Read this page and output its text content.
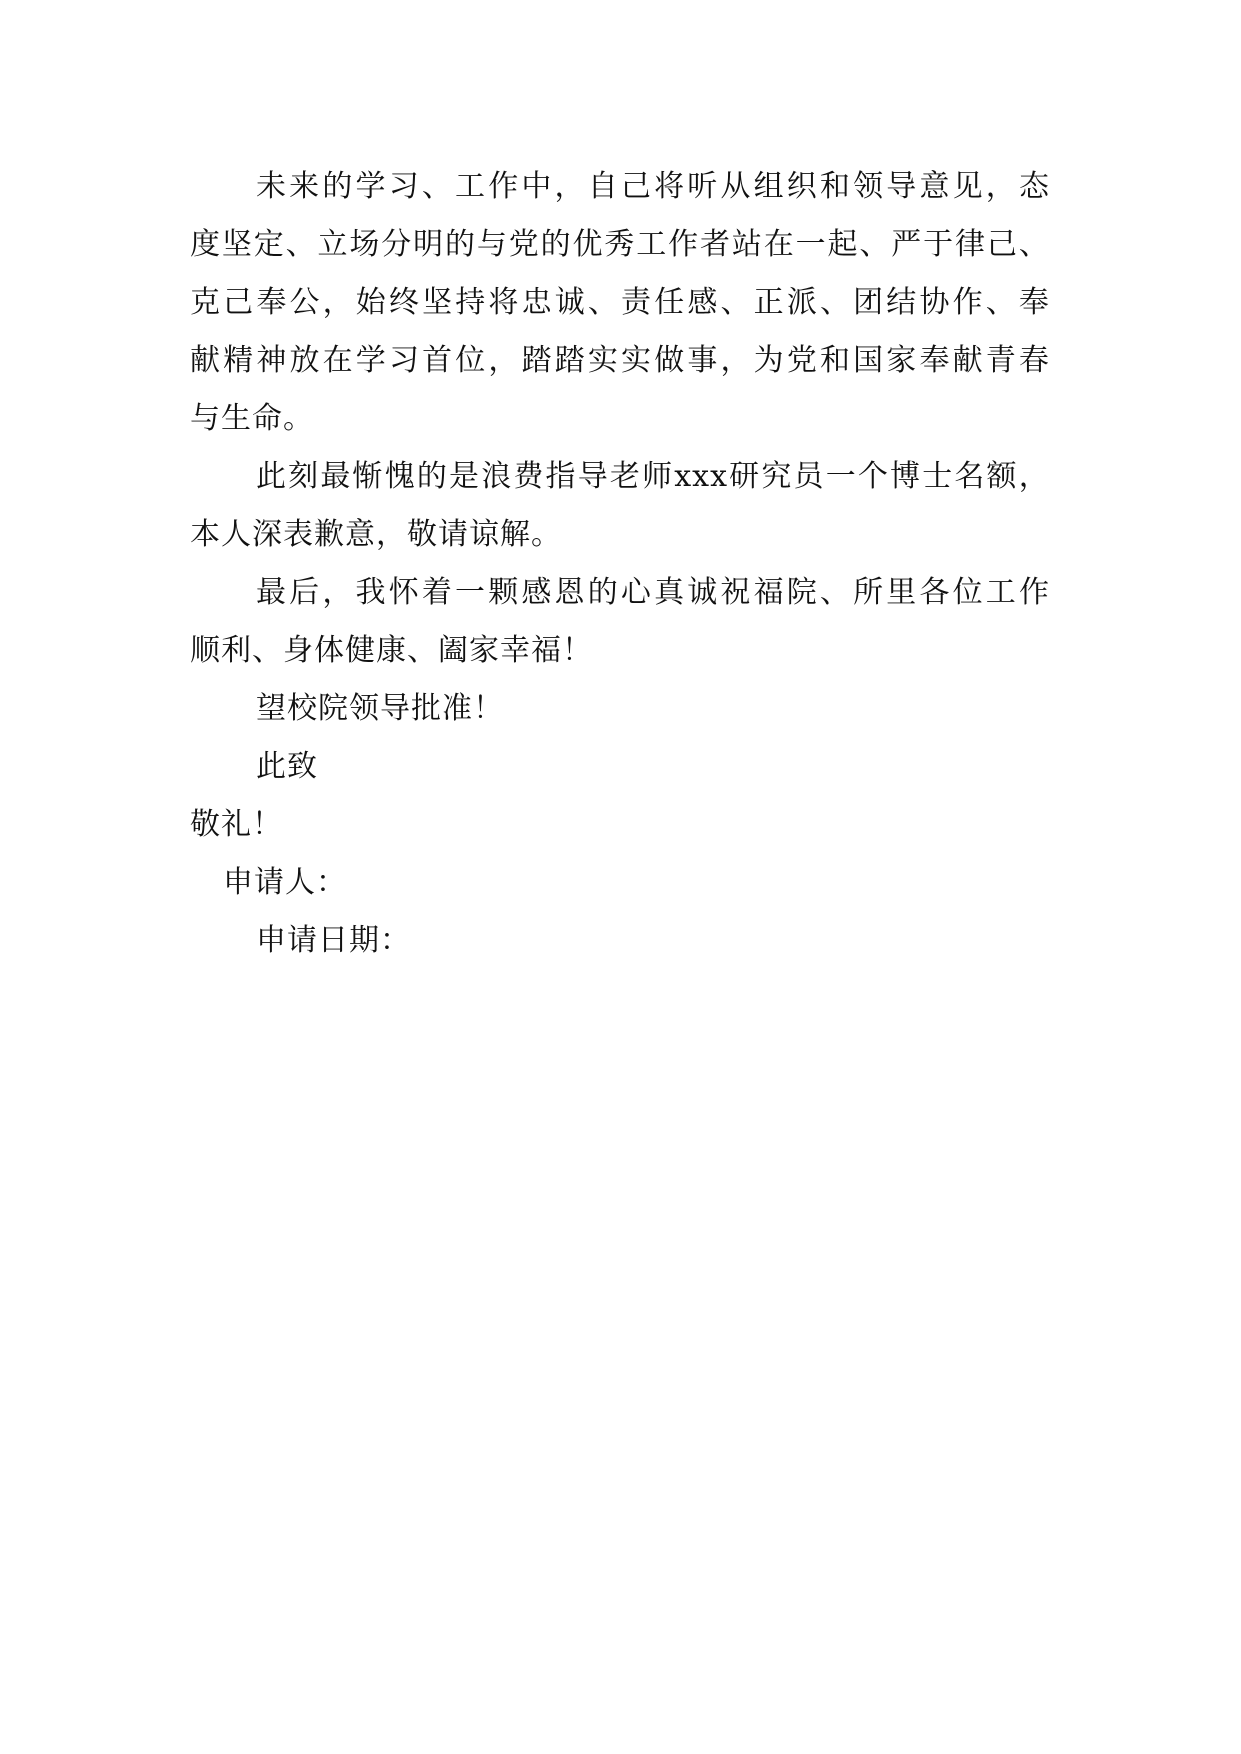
未 来 的 学 习 、 工 作 中 ， 自 己 将 听 从 组 织 和 领 导 意 见 ， 态

度 坚 定 、 立 场 分 明 的 与 党 的 优 秀 工 作 者 站 在 一 起 、 严 于 律 己 、

克 己 奉 公 ， 始 终 坚 持 将 忠 诚 、 责 任 感 、 正 派 、 团 结 协 作 、 奉

献 精 神 放 在 学 习 首 位 ， 踏 踏 实 实 做 事 ， 为 党 和 国 家 奉 献 青 春

与生命。

此 刻 最 惭 愧 的 是 浪 费 指 导 老 师 xxx 研 究 员 一 个 博 士 名 额 ，

本人深表歉意，敬请谅解。

最 后 ， 我 怀 着 一 颗 感 恩 的 心 真 诚 祝 福 院 、 所 里 各 位 工 作

顺利、身体健康、阖家幸福！

望校院领导批准！

此致

敬礼！

申请人：

申请日期：
